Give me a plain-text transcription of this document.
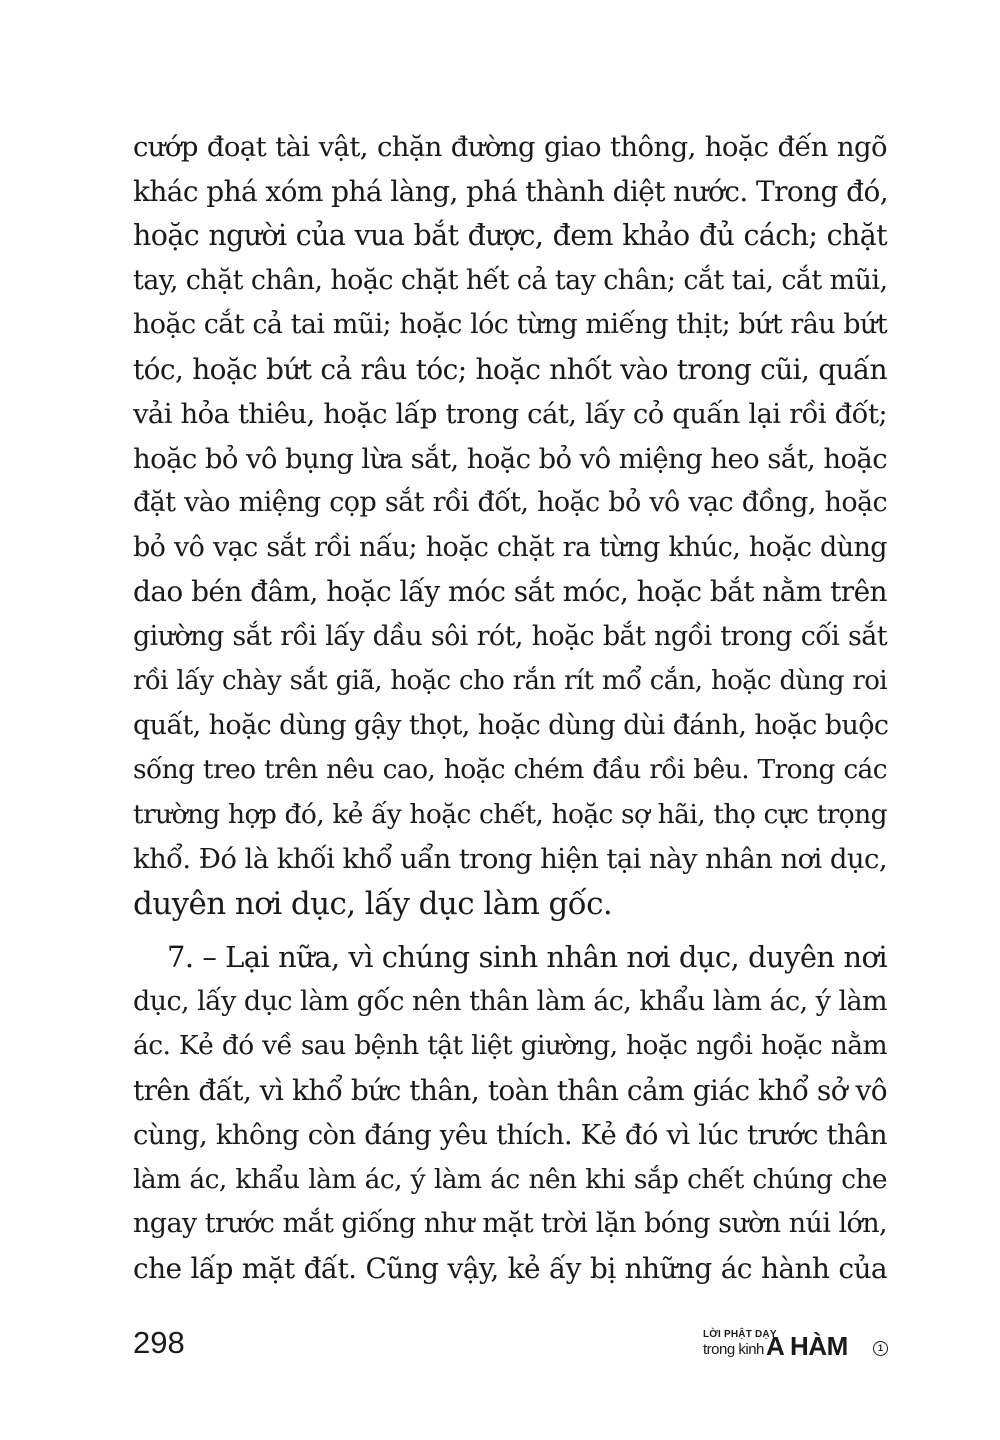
cướp đoạt tài vật, chặn đường giao thông, hoặc đến ngõ
khác phá xóm phá làng, phá thành diệt nước. Trong đó,
hoặc người của vua bắt được, đem khảo đủ cách; chặt
tay, chặt chân, hoặc chặt hết cả tay chân; cắt tai, cắt mũi,
hoặc cắt cả tai mũi; hoặc lóc từng miếng thịt; bứt râu bứt
tóc, hoặc bứt cả râu tóc; hoặc nhốt vào trong cũi, quấn
vải hỏa thiêu, hoặc lấp trong cát, lấy cỏ quấn lại rồi đốt;
hoặc bỏ vô bụng lừa sắt, hoặc bỏ vô miệng heo sắt, hoặc
đặt vào miệng cọp sắt rồi đốt, hoặc bỏ vô vạc đồng, hoặc
bỏ vô vạc sắt rồi nấu; hoặc chặt ra từng khúc, hoặc dùng
dao bén đâm, hoặc lấy móc sắt móc, hoặc bắt nằm trên
giường sắt rồi lấy dầu sôi rót, hoặc bắt ngồi trong cối sắt
rồi lấy chày sắt giã, hoặc cho rắn rít mổ cắn, hoặc dùng roi
quất, hoặc dùng gậy thọt, hoặc dùng dùi đánh, hoặc buộc
sống treo trên nêu cao, hoặc chém đầu rồi bêu. Trong các
trường hợp đó, kẻ ấy hoặc chết, hoặc sợ hãi, thọ cực trọng
khổ. Đó là khối khổ uẩn trong hiện tại này nhân nơi dục,
duyên nơi dục, lấy dục làm gốc.
7. – Lại nữa, vì chúng sinh nhân nơi dục, duyên nơi
dục, lấy dục làm gốc nên thân làm ác, khẩu làm ác, ý làm
ác. Kẻ đó về sau bệnh tật liệt giường, hoặc ngồi hoặc nằm
trên đất, vì khổ bức thân, toàn thân cảm giác khổ sở vô
cùng, không còn đáng yêu thích. Kẻ đó vì lúc trước thân
làm ác, khẩu làm ác, ý làm ác nên khi sắp chết chúng che
ngay trước mắt giống như mặt trời lặn bóng sườn núi lớn,
che lấp mặt đất. Cũng vậy, kẻ ấy bị những ác hành của
298	LỜI PHẬT DẠY
trong kinh A HÀM	1
